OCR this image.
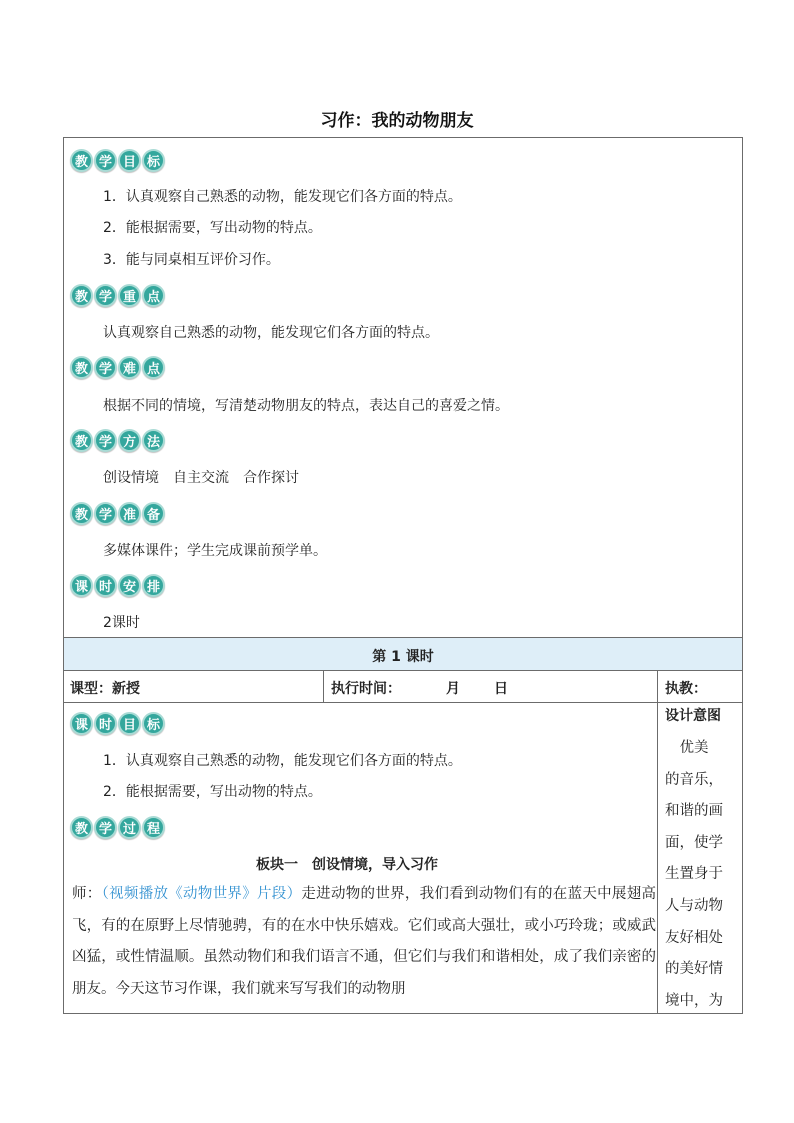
习作：我的动物朋友
教 学 目 标
1．认真观察自己熟悉的动物，能发现它们各方面的特点。
2．能根据需要，写出动物的特点。
3．能与同桌相互评价习作。
教 学 重 点
认真观察自己熟悉的动物，能发现它们各方面的特点。
教 学 难 点
根据不同的情境，写清楚动物朋友的特点，表达自己的喜爱之情。
教 学 方 法
创设情境　自主交流　合作探讨
教 学 准 备
多媒体课件；学生完成课前预学单。
课 时 安 排
2课时
第 1 课时
课型：新授	执行时间：	月 日	执教：
课 时 目 标
1．认真观察自己熟悉的动物，能发现它们各方面的特点。
2．能根据需要，写出动物的特点。
教 学 过 程
板块一　创设情境，导入习作
师：（视频播放《动物世界》片段）走进动物的世界，我们看到动物们有的在蓝天中展翅高飞，有的在原野上尽情驰骋，有的在水中快乐嬉戏。它们或高大强壮，或小巧玲珑；或威武凶猛，或性情温顺。虽然动物们和我们语言不通，但它们与我们和谐相处，成了我们亲密的朋友。今天这节习作课，我们就来写写我们的动物朋
设计意图
　优美
的音乐，
和谐的画
面，使学
生置身于
人与动物
友好相处
的美好情
境中，为
